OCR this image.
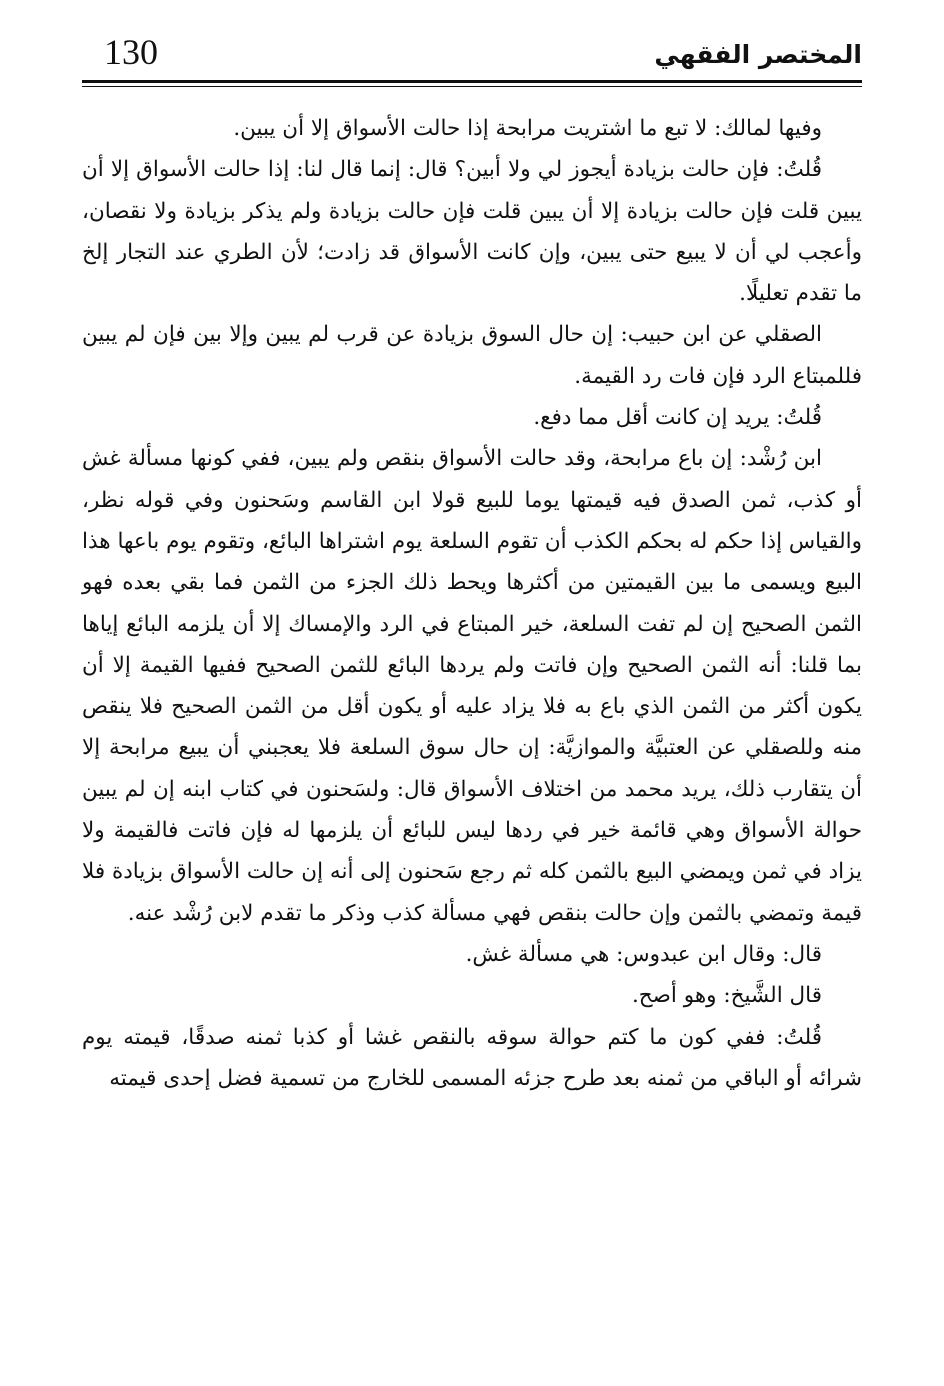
130	المختصر الفقهي

وفيها لمالك: لا تبع ما اشتريت مرابحة إذا حالت الأسواق إلا أن يبين.

قُلتُ: فإن حالت بزيادة أيجوز لي ولا أبين؟ قال: إنما قال لنا: إذا حالت الأسواق إلا أن يبين قلت فإن حالت بزيادة إلا أن يبين قلت فإن حالت بزيادة ولم يذكر بزيادة ولا نقصان، وأعجب لي أن لا يبيع حتى يبين، وإن كانت الأسواق قد زادت؛ لأن الطري عند التجار إلخ ما تقدم تعليلًا.

الصقلي عن ابن حبيب: إن حال السوق بزيادة عن قرب لم يبين وإلا بين فإن لم يبين فللمبتاع الرد فإن فات رد القيمة.

قُلتُ: يريد إن كانت أقل مما دفع.

ابن رُشْد: إن باع مرابحة، وقد حالت الأسواق بنقص ولم يبين، ففي كونها مسألة غش أو كذب، ثمن الصدق فيه قيمتها يوما للبيع قولا ابن القاسم وسَحنون وفي قوله نظر، والقياس إذا حكم له بحكم الكذب أن تقوم السلعة يوم اشتراها البائع، وتقوم يوم باعها هذا البيع ويسمى ما بين القيمتين من أكثرها ويحط ذلك الجزء من الثمن فما بقي بعده فهو الثمن الصحيح إن لم تفت السلعة، خير المبتاع في الرد والإمساك إلا أن يلزمه البائع إياها بما قلنا: أنه الثمن الصحيح وإن فاتت ولم يردها البائع للثمن الصحيح ففيها القيمة إلا أن يكون أكثر من الثمن الذي باع به فلا يزاد عليه أو يكون أقل من الثمن الصحيح فلا ينقص منه وللصقلي عن العتبيَّة والموازيَّة: إن حال سوق السلعة فلا يعجبني أن يبيع مرابحة إلا أن يتقارب ذلك، يريد محمد من اختلاف الأسواق قال: ولسَحنون في كتاب ابنه إن لم يبين حوالة الأسواق وهي قائمة خير في ردها ليس للبائع أن يلزمها له فإن فاتت فالقيمة ولا يزاد في ثمن ويمضي البيع بالثمن كله ثم رجع سَحنون إلى أنه إن حالت الأسواق بزيادة فلا قيمة وتمضي بالثمن وإن حالت بنقص فهي مسألة كذب وذكر ما تقدم لابن رُشْد عنه.

قال: وقال ابن عبدوس: هي مسألة غش.

قال الشَّيخ: وهو أصح.

قُلتُ: ففي كون ما كتم حوالة سوقه بالنقص غشا أو كذبا ثمنه صدقًا، قيمته يوم شرائه أو الباقي من ثمنه بعد طرح جزئه المسمى للخارج من تسمية فضل إحدى قيمته
